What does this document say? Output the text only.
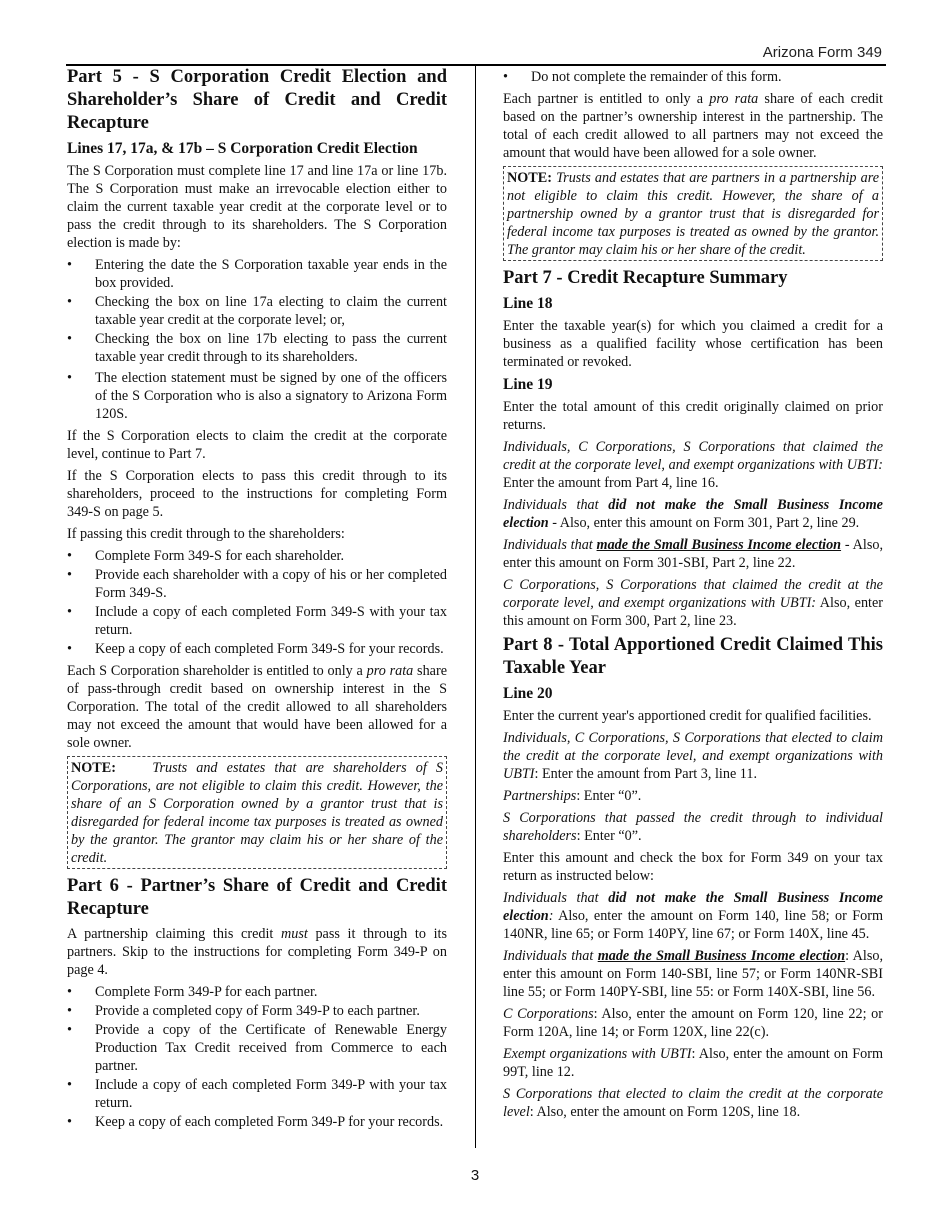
Arizona Form 349
Part 5 - S Corporation Credit Election and Shareholder’s Share of Credit and Credit Recapture
Lines 17, 17a, & 17b – S Corporation Credit Election

The S Corporation must complete line 17 and line 17a or line 17b. The S Corporation must make an irrevocable election either to claim the current taxable year credit at the corporate level or to pass the credit through to its shareholders. The S Corporation election is made by:

• Entering the date the S Corporation taxable year ends in the box provided.
• Checking the box on line 17a electing to claim the current taxable year credit at the corporate level; or,
• Checking the box on line 17b electing to pass the current taxable year credit through to its shareholders.
• The election statement must be signed by one of the officers of the S Corporation who is also a signatory to Arizona Form 120S.

If the S Corporation elects to claim the credit at the corporate level, continue to Part 7.

If the S Corporation elects to pass this credit through to its shareholders, proceed to the instructions for completing Form 349-S on page 5.

If passing this credit through to the shareholders:

• Complete Form 349-S for each shareholder.
• Provide each shareholder with a copy of his or her completed Form 349-S.
• Include a copy of each completed Form 349-S with your tax return.
• Keep a copy of each completed Form 349-S for your records.

Each S Corporation shareholder is entitled to only a pro rata share of pass-through credit based on ownership interest in the S Corporation. The total of the credit allowed to all shareholders may not exceed the amount that would have been allowed for a sole owner.

NOTE:	Trusts and estates that are shareholders of S Corporations, are not eligible to claim this credit. However, the share of an S Corporation owned by a grantor trust that is disregarded for federal income tax purposes is treated as owned by the grantor. The grantor may claim his or her share of the credit.

Part 6 - Partner’s Share of Credit and Credit Recapture

A partnership claiming this credit must pass it through to its partners. Skip to the instructions for completing Form 349-P on page 4.

• Complete Form 349-P for each partner.
• Provide a completed copy of Form 349-P to each partner.
• Provide a copy of the Certificate of Renewable Energy Production Tax Credit received from Commerce to each partner.
• Include a copy of each completed Form 349-P with your tax return.
• Keep a copy of each completed Form 349-P for your records.
• Do not complete the remainder of this form.

Each partner is entitled to only a pro rata share of each credit based on the partner’s ownership interest in the partnership. The total of each credit allowed to all partners may not exceed the amount that would have been allowed for a sole owner.

NOTE: Trusts and estates that are partners in a partnership are not eligible to claim this credit. However, the share of a partnership owned by a grantor trust that is disregarded for federal income tax purposes is treated as owned by the grantor. The grantor may claim his or her share of the credit.

Part 7 - Credit Recapture Summary
Line 18

Enter the taxable year(s) for which you claimed a credit for a business as a qualified facility whose certification has been terminated or revoked.

Line 19

Enter the total amount of this credit originally claimed on prior returns.

Individuals, C Corporations, S Corporations that claimed the credit at the corporate level, and exempt organizations with UBTI: Enter the amount from Part 4, line 16.

Individuals that did not make the Small Business Income election - Also, enter this amount on Form 301, Part 2, line 29.

Individuals that made the Small Business Income election - Also, enter this amount on Form 301-SBI, Part 2, line 22.

C Corporations, S Corporations that claimed the credit at the corporate level, and exempt organizations with UBTI: Also, enter this amount on Form 300, Part 2, line 23.

Part 8 - Total Apportioned Credit Claimed This Taxable Year
Line 20

Enter the current year's apportioned credit for qualified facilities.

Individuals, C Corporations, S Corporations that elected to claim the credit at the corporate level, and exempt organizations with UBTI: Enter the amount from Part 3, line 11.

Partnerships: Enter “0”.

S Corporations that passed the credit through to individual shareholders: Enter “0”.

Enter this amount and check the box for Form 349 on your tax return as instructed below:

Individuals that did not make the Small Business Income election: Also, enter the amount on Form 140, line 58; or Form 140NR, line 65; or Form 140PY, line 67; or Form 140X, line 45.

Individuals that made the Small Business Income election: Also, enter this amount on Form 140-SBI, line 57; or Form 140NR-SBI line 55; or Form 140PY-SBI, line 55: or Form 140X-SBI, line 56.

C Corporations: Also, enter the amount on Form 120, line 22; or Form 120A, line 14; or Form 120X, line 22(c).

Exempt organizations with UBTI: Also, enter the amount on Form 99T, line 12.

S Corporations that elected to claim the credit at the corporate level: Also, enter the amount on Form 120S, line 18.

3
